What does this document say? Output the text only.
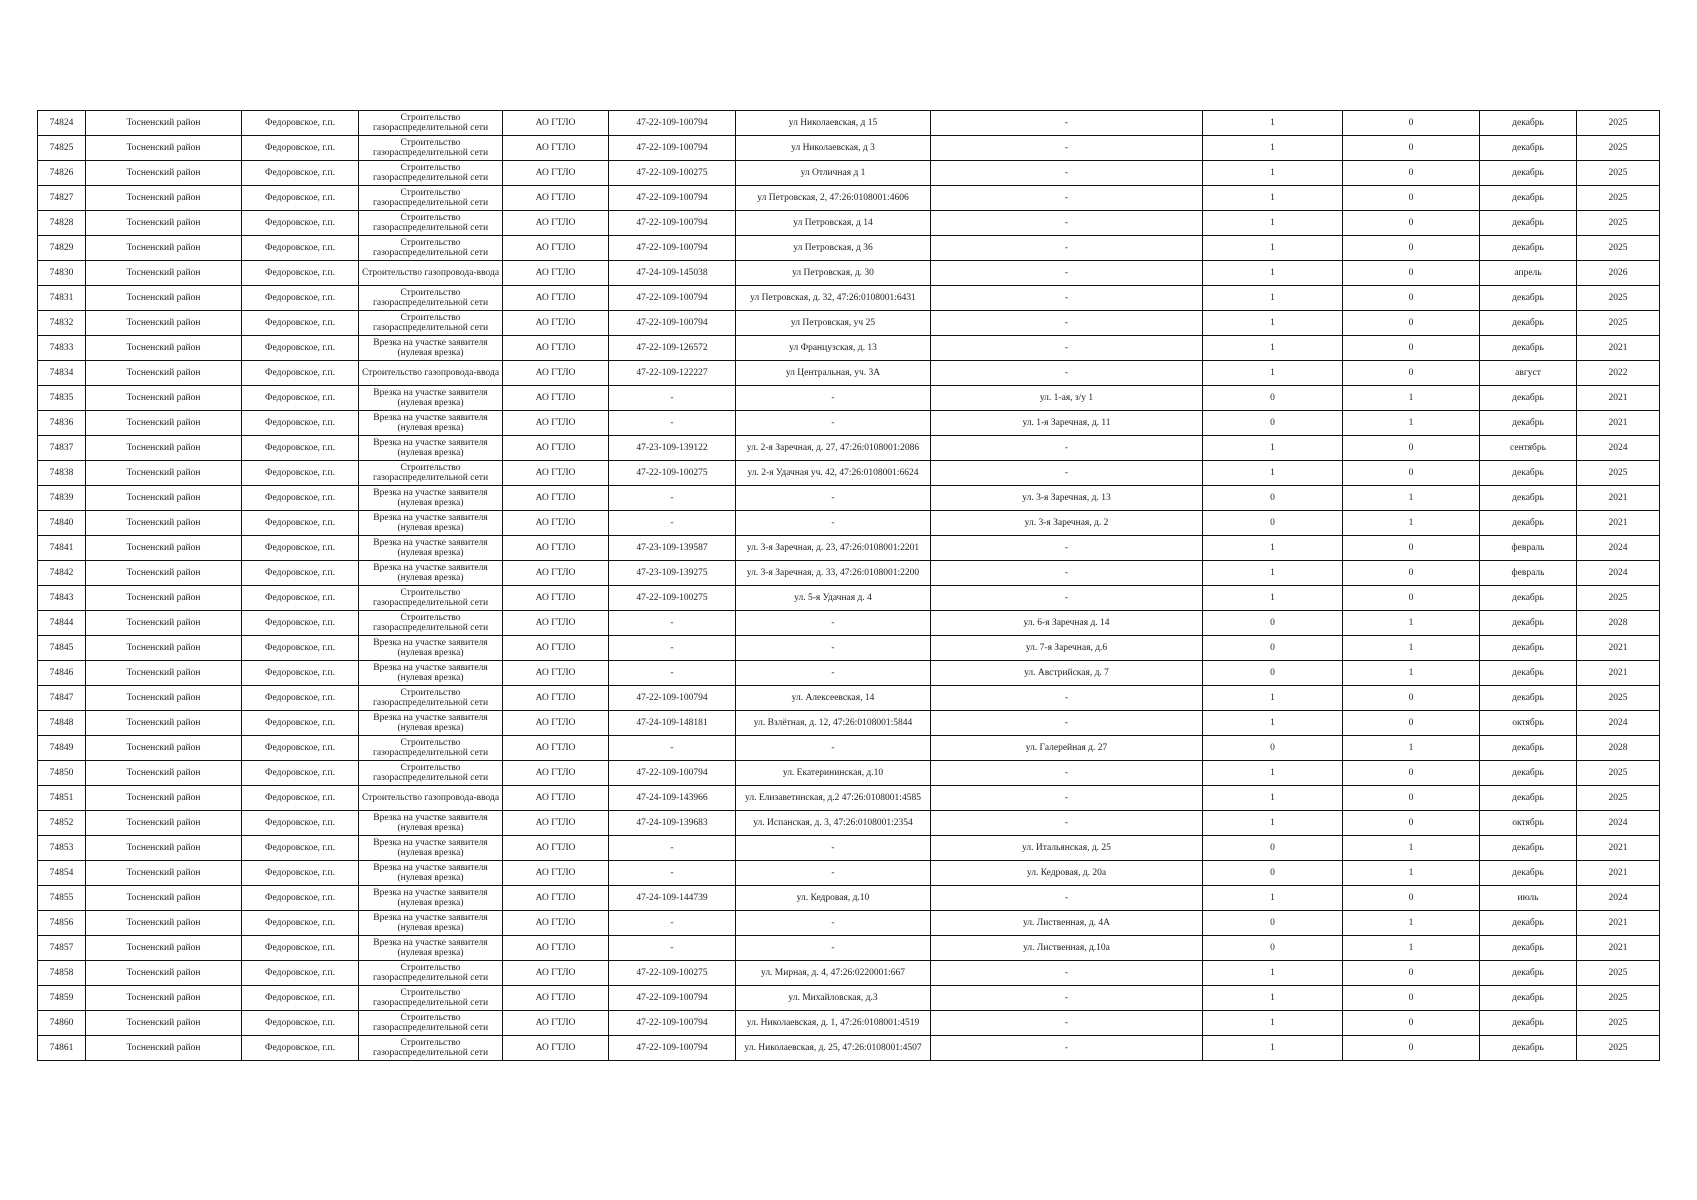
74824	Тосненский район	Федоровское, г.п.	Строительство газораспределительной сети	АО ГТЛО	47-22-109-100794	ул Николаевская, д 15	-	1	0	декабрь	2025
74825	Тосненский район	Федоровское, г.п.	Строительство газораспределительной сети	АО ГТЛО	47-22-109-100794	ул Николаевская, д 3	-	1	0	декабрь	2025
74826	Тосненский район	Федоровское, г.п.	Строительство газораспределительной сети	АО ГТЛО	47-22-109-100275	ул Отличная д 1	-	1	0	декабрь	2025
74827	Тосненский район	Федоровское, г.п.	Строительство газораспределительной сети	АО ГТЛО	47-22-109-100794	ул Петровская, 2, 47:26:0108001:4606	-	1	0	декабрь	2025
74828	Тосненский район	Федоровское, г.п.	Строительство газораспределительной сети	АО ГТЛО	47-22-109-100794	ул Петровская, д 14	-	1	0	декабрь	2025
74829	Тосненский район	Федоровское, г.п.	Строительство газораспределительной сети	АО ГТЛО	47-22-109-100794	ул Петровская, д 36	-	1	0	декабрь	2025
74830	Тосненский район	Федоровское, г.п.	Строительство газопровода-ввода	АО ГТЛО	47-24-109-145038	ул Петровская, д. 30	-	1	0	апрель	2026
74831	Тосненский район	Федоровское, г.п.	Строительство газораспределительной сети	АО ГТЛО	47-22-109-100794	ул Петровская, д. 32, 47:26:0108001:6431	-	1	0	декабрь	2025
74832	Тосненский район	Федоровское, г.п.	Строительство газораспределительной сети	АО ГТЛО	47-22-109-100794	ул Петровская, уч 25	-	1	0	декабрь	2025
74833	Тосненский район	Федоровское, г.п.	Врезка на участке заявителя (нулевая врезка)	АО ГТЛО	47-22-109-126572	ул Французская, д. 13	-	1	0	декабрь	2021
74834	Тосненский район	Федоровское, г.п.	Строительство газопровода-ввода	АО ГТЛО	47-22-109-122227	ул Центральная, уч. 3А	-	1	0	август	2022
74835	Тосненский район	Федоровское, г.п.	Врезка на участке заявителя (нулевая врезка)	АО ГТЛО	-	-	ул. 1-ая, з/у 1	0	1	декабрь	2021
74836	Тосненский район	Федоровское, г.п.	Врезка на участке заявителя (нулевая врезка)	АО ГТЛО	-	-	ул. 1-я Заречная, д. 11	0	1	декабрь	2021
74837	Тосненский район	Федоровское, г.п.	Врезка на участке заявителя (нулевая врезка)	АО ГТЛО	47-23-109-139122	ул. 2-я Заречная, д. 27, 47:26:0108001:2086	-	1	0	сентябрь	2024
74838	Тосненский район	Федоровское, г.п.	Строительство газораспределительной сети	АО ГТЛО	47-22-109-100275	ул. 2-я Удачная уч. 42, 47:26:0108001:6624	-	1	0	декабрь	2025
74839	Тосненский район	Федоровское, г.п.	Врезка на участке заявителя (нулевая врезка)	АО ГТЛО	-	-	ул. 3-я Заречная, д. 13	0	1	декабрь	2021
74840	Тосненский район	Федоровское, г.п.	Врезка на участке заявителя (нулевая врезка)	АО ГТЛО	-	-	ул. 3-я Заречная, д. 2	0	1	декабрь	2021
74841	Тосненский район	Федоровское, г.п.	Врезка на участке заявителя (нулевая врезка)	АО ГТЛО	47-23-109-139587	ул. 3-я Заречная, д. 23, 47:26:0108001:2201	-	1	0	февраль	2024
74842	Тосненский район	Федоровское, г.п.	Врезка на участке заявителя (нулевая врезка)	АО ГТЛО	47-23-109-139275	ул. 3-я Заречная, д. 33, 47:26:0108001:2200	-	1	0	февраль	2024
74843	Тосненский район	Федоровское, г.п.	Строительство газораспределительной сети	АО ГТЛО	47-22-109-100275	ул. 5-я Удачная д. 4	-	1	0	декабрь	2025
74844	Тосненский район	Федоровское, г.п.	Строительство газораспределительной сети	АО ГТЛО	-	-	ул. 6-я Заречная д. 14	0	1	декабрь	2028
74845	Тосненский район	Федоровское, г.п.	Врезка на участке заявителя (нулевая врезка)	АО ГТЛО	-	-	ул. 7-я Заречная, д.6	0	1	декабрь	2021
74846	Тосненский район	Федоровское, г.п.	Врезка на участке заявителя (нулевая врезка)	АО ГТЛО	-	-	ул. Австрийская, д. 7	0	1	декабрь	2021
74847	Тосненский район	Федоровское, г.п.	Строительство газораспределительной сети	АО ГТЛО	47-22-109-100794	ул. Алексеевская, 14	-	1	0	декабрь	2025
74848	Тосненский район	Федоровское, г.п.	Врезка на участке заявителя (нулевая врезка)	АО ГТЛО	47-24-109-148181	ул. Взлётная, д. 12, 47:26:0108001:5844	-	1	0	октябрь	2024
74849	Тосненский район	Федоровское, г.п.	Строительство газораспределительной сети	АО ГТЛО	-	-	ул. Галерейная д. 27	0	1	декабрь	2028
74850	Тосненский район	Федоровское, г.п.	Строительство газораспределительной сети	АО ГТЛО	47-22-109-100794	ул. Екатерининская, д.10	-	1	0	декабрь	2025
74851	Тосненский район	Федоровское, г.п.	Строительство газопровода-ввода	АО ГТЛО	47-24-109-143966	ул. Елизаветинская, д.2 47:26:0108001:4585	-	1	0	декабрь	2025
74852	Тосненский район	Федоровское, г.п.	Врезка на участке заявителя (нулевая врезка)	АО ГТЛО	47-24-109-139683	ул. Испанская, д. 3, 47:26:0108001:2354	-	1	0	октябрь	2024
74853	Тосненский район	Федоровское, г.п.	Врезка на участке заявителя (нулевая врезка)	АО ГТЛО	-	-	ул. Итальянская, д. 25	0	1	декабрь	2021
74854	Тосненский район	Федоровское, г.п.	Врезка на участке заявителя (нулевая врезка)	АО ГТЛО	-	-	ул. Кедровая, д. 20а	0	1	декабрь	2021
74855	Тосненский район	Федоровское, г.п.	Врезка на участке заявителя (нулевая врезка)	АО ГТЛО	47-24-109-144739	ул. Кедровая, д.10	-	1	0	июль	2024
74856	Тосненский район	Федоровское, г.п.	Врезка на участке заявителя (нулевая врезка)	АО ГТЛО	-	-	ул. Лиственная, д. 4А	0	1	декабрь	2021
74857	Тосненский район	Федоровское, г.п.	Врезка на участке заявителя (нулевая врезка)	АО ГТЛО	-	-	ул. Лиственная, д.10а	0	1	декабрь	2021
74858	Тосненский район	Федоровское, г.п.	Строительство газораспределительной сети	АО ГТЛО	47-22-109-100275	ул. Мирная, д. 4, 47:26:0220001:667	-	1	0	декабрь	2025
74859	Тосненский район	Федоровское, г.п.	Строительство газораспределительной сети	АО ГТЛО	47-22-109-100794	ул. Михайловская, д.3	-	1	0	декабрь	2025
74860	Тосненский район	Федоровское, г.п.	Строительство газораспределительной сети	АО ГТЛО	47-22-109-100794	ул. Николаевская, д. 1, 47:26:0108001:4519	-	1	0	декабрь	2025
74861	Тосненский район	Федоровское, г.п.	Строительство газораспределительной сети	АО ГТЛО	47-22-109-100794	ул. Николаевская, д. 25, 47:26:0108001:4507	-	1	0	декабрь	2025
